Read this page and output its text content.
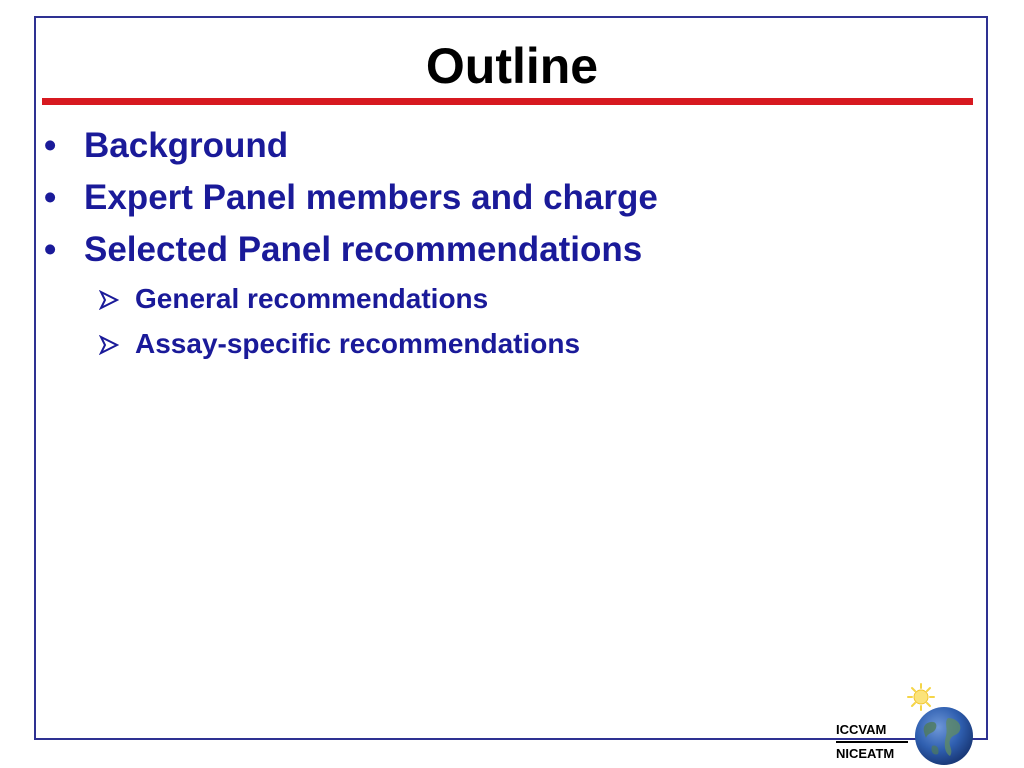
Outline
• Background
• Expert Panel members and charge
• Selected Panel recommendations
General recommendations
Assay-specific recommendations
ICCVAM
NICEATM
